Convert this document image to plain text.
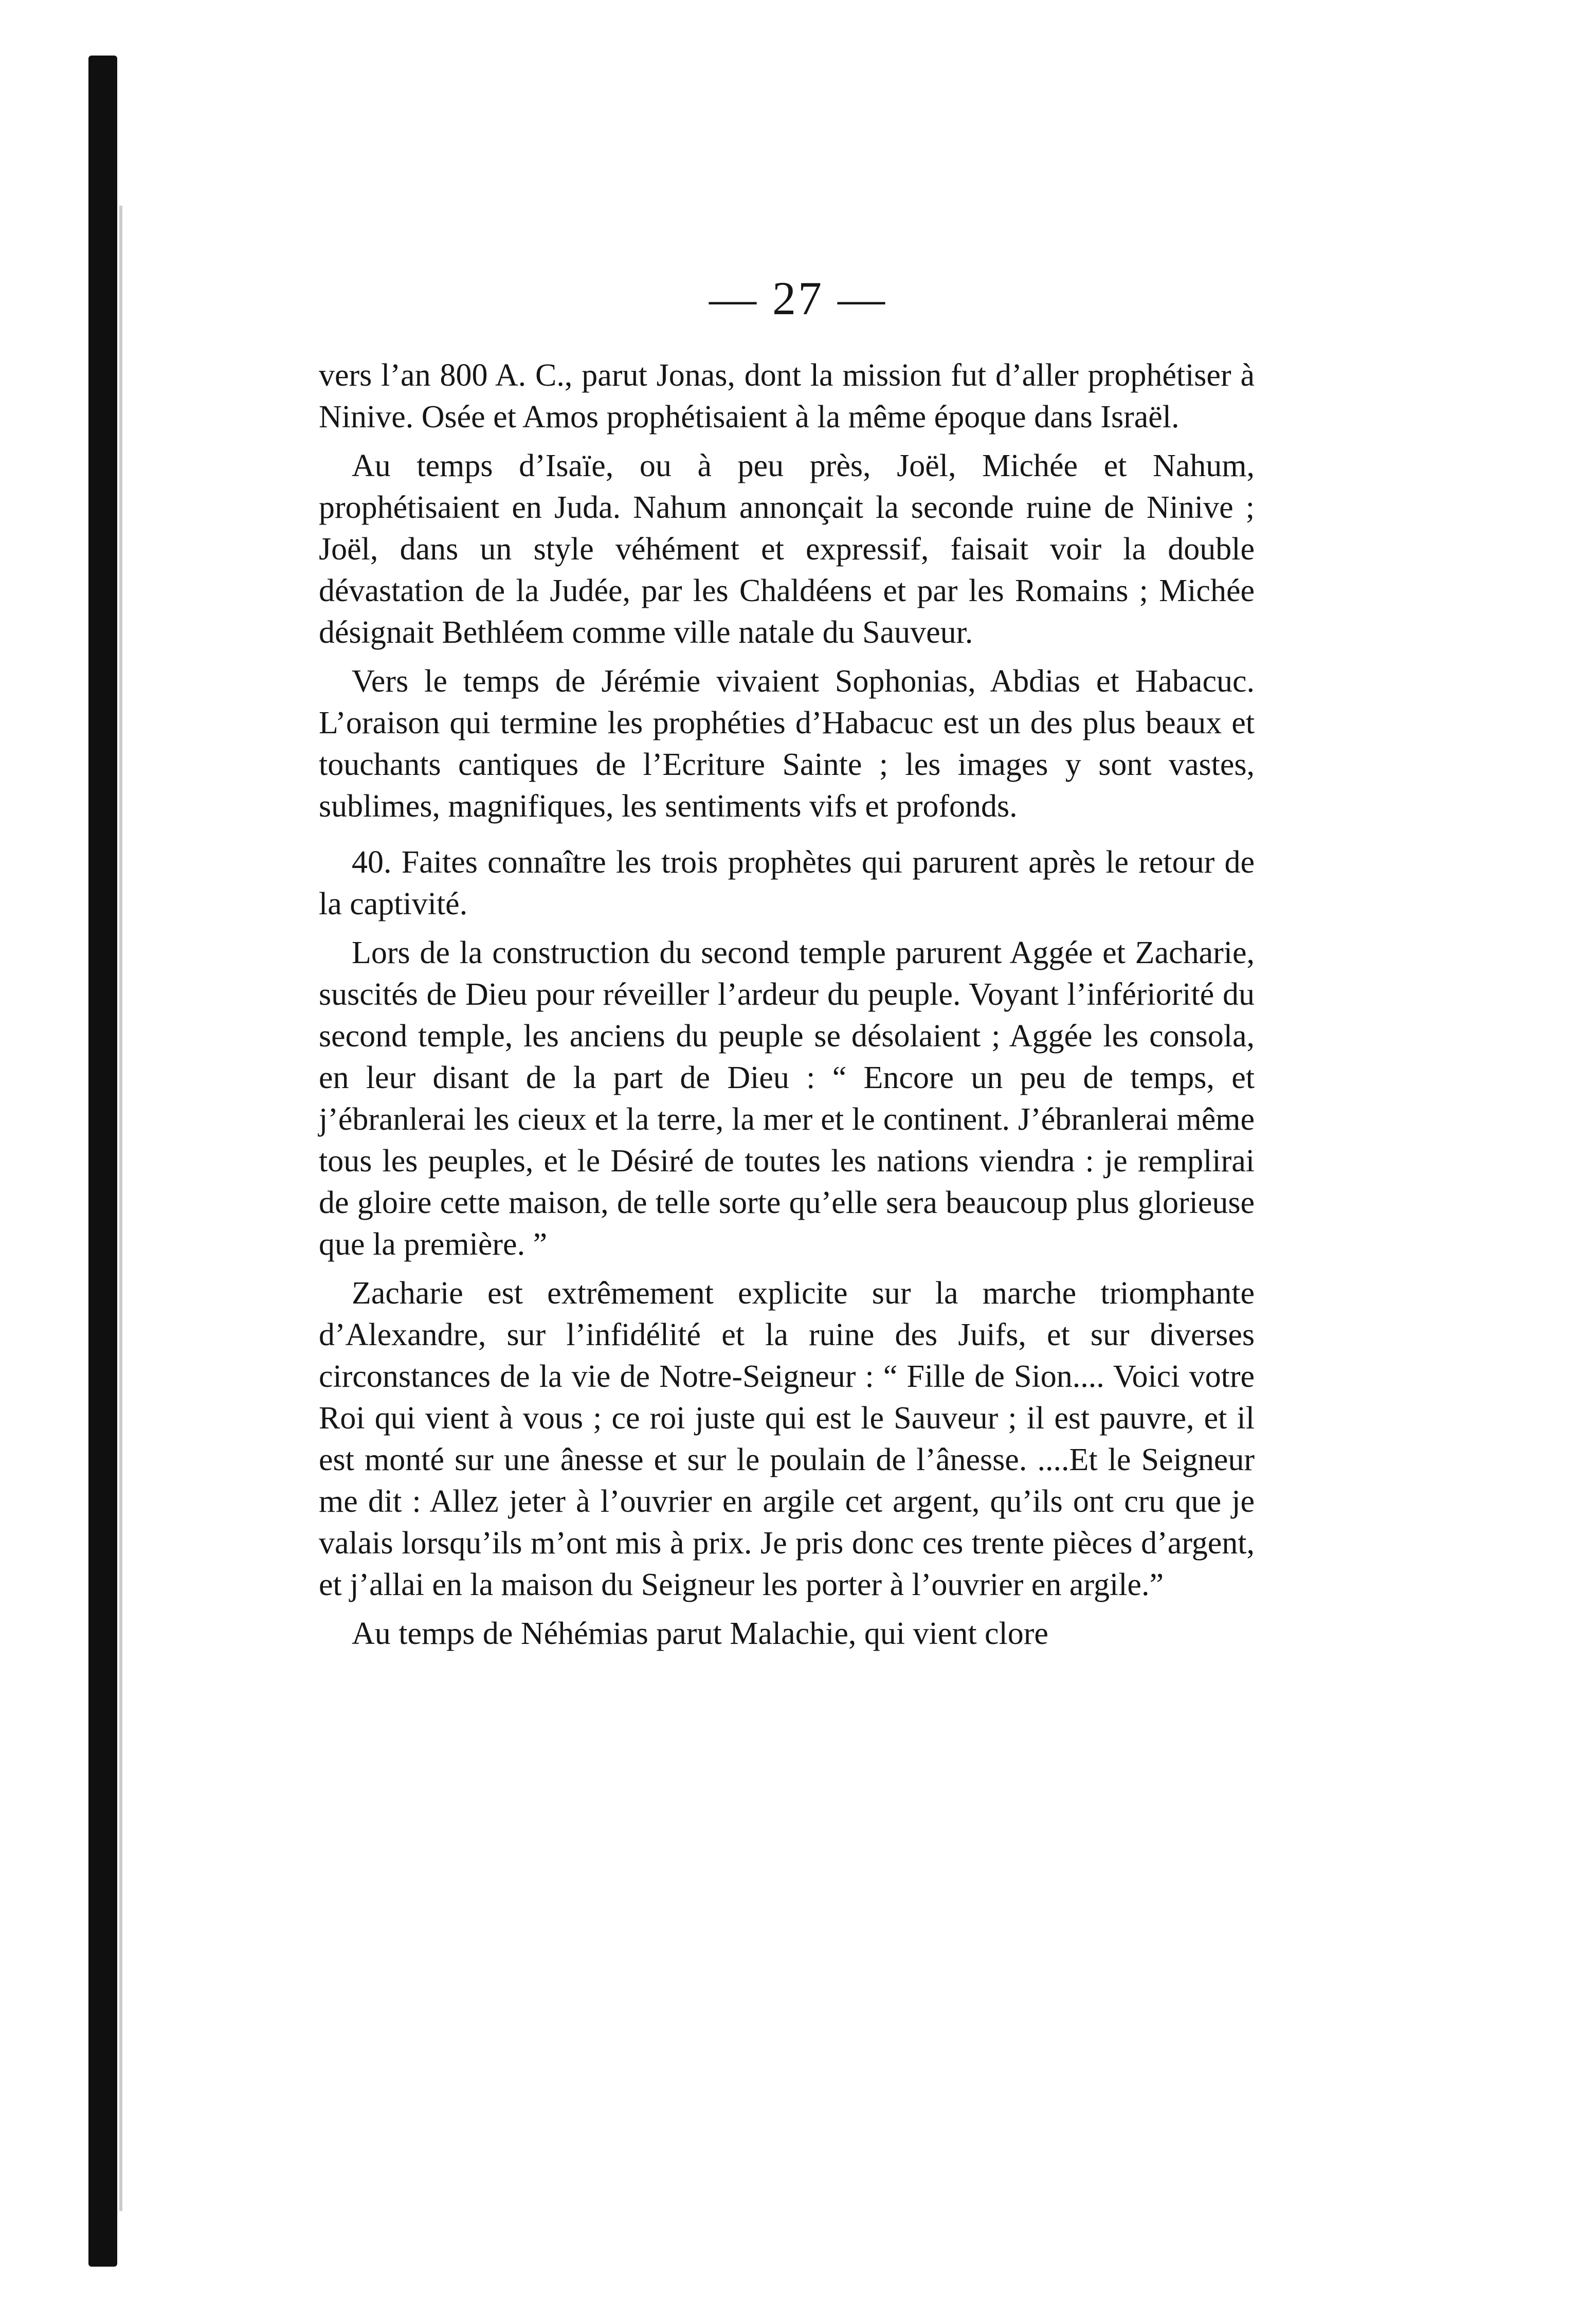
— 27 —

vers l’an 800 A. C., parut Jonas, dont la mission fut d’aller prophétiser à Ninive. Osée et Amos prophétisaient à la même époque dans Israël.

Au temps d’Isaïe, ou à peu près, Joël, Michée et Nahum, prophétisaient en Juda. Nahum annonçait la seconde ruine de Ninive ; Joël, dans un style véhément et expressif, faisait voir la double dévastation de la Judée, par les Chaldéens et par les Romains ; Michée désignait Bethléem comme ville natale du Sauveur.

Vers le temps de Jérémie vivaient Sophonias, Abdias et Habacuc. L’oraison qui termine les prophéties d’Habacuc est un des plus beaux et touchants cantiques de l’Ecriture Sainte ; les images y sont vastes, sublimes, magnifiques, les sentiments vifs et profonds.

40. Faites connaître les trois prophètes qui parurent après le retour de la captivité.

Lors de la construction du second temple parurent Aggée et Zacharie, suscités de Dieu pour réveiller l’ardeur du peuple. Voyant l’infériorité du second temple, les anciens du peuple se désolaient ; Aggée les consola, en leur disant de la part de Dieu : “ Encore un peu de temps, et j’ébranlerai les cieux et la terre, la mer et le continent. J’ébranlerai même tous les peuples, et le Désiré de toutes les nations viendra : je remplirai de gloire cette maison, de telle sorte qu’elle sera beaucoup plus glorieuse que la première. ”

Zacharie est extrêmement explicite sur la marche triomphante d’Alexandre, sur l’infidélité et la ruine des Juifs, et sur diverses circonstances de la vie de Notre-Seigneur : “ Fille de Sion.... Voici votre Roi qui vient à vous ; ce roi juste qui est le Sauveur ; il est pauvre, et il est monté sur une ânesse et sur le poulain de l’ânesse. ....Et le Seigneur me dit : Allez jeter à l’ouvrier en argile cet argent, qu’ils ont cru que je valais lorsqu’ils m’ont mis à prix. Je pris donc ces trente pièces d’argent, et j’allai en la maison du Seigneur les porter à l’ouvrier en argile.”

Au temps de Néhémias parut Malachie, qui vient clore
